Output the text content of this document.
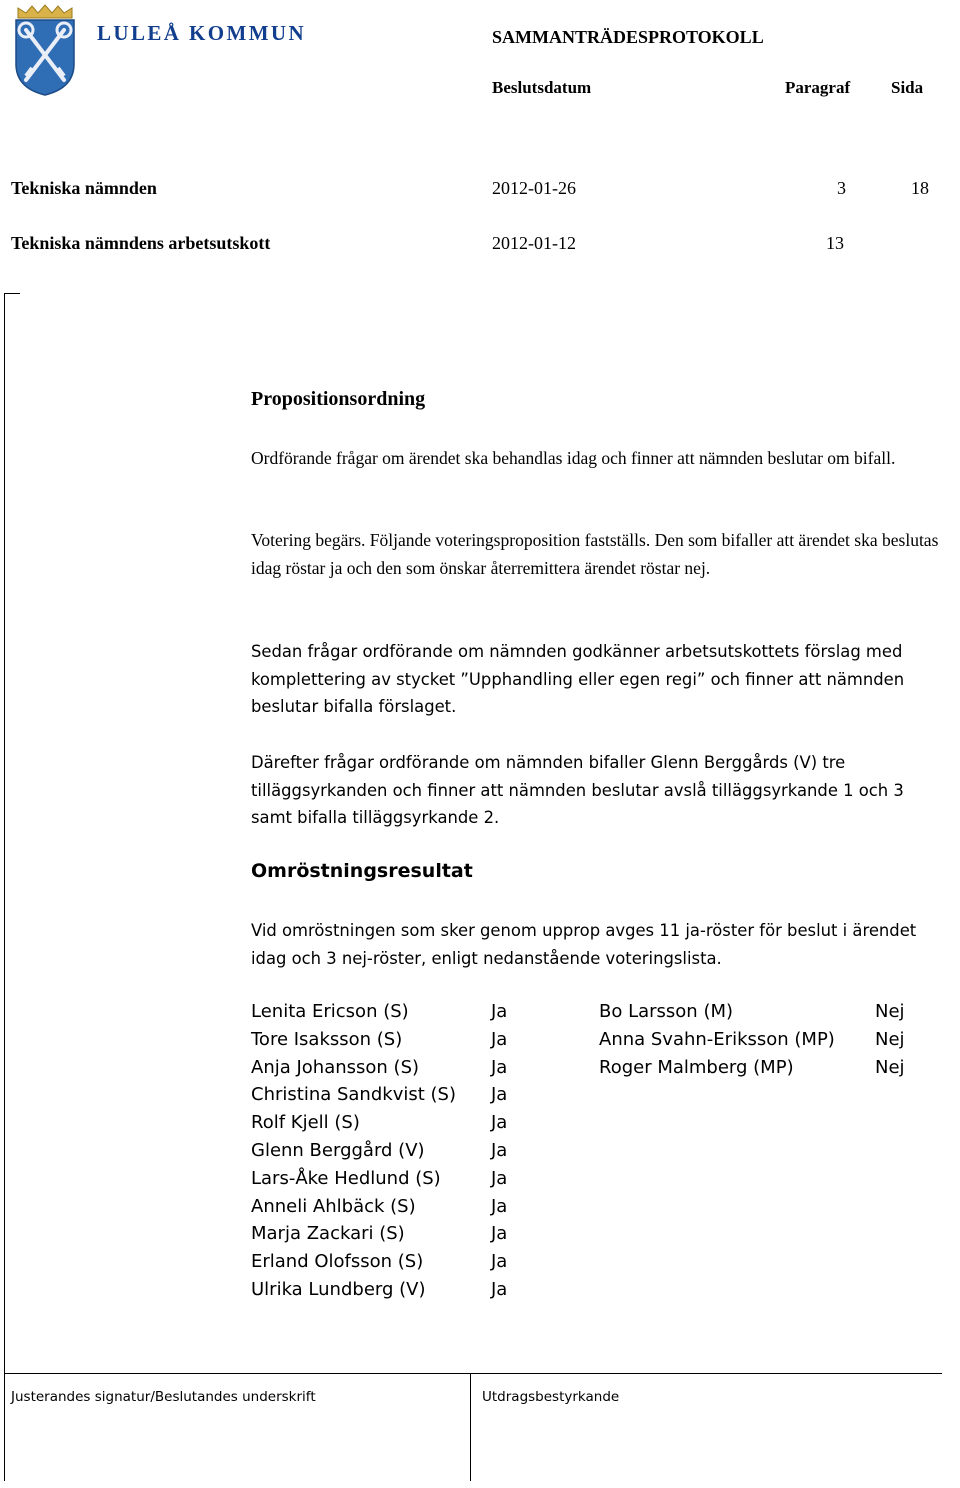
LULEÅ KOMMUN	SAMMANTRÄDESPROTOKOLL
Beslutsdatum	Paragraf Sida
Tekniska nämnden	2012-01-26	3	18
Tekniska nämndens arbetsutskott	2012-01-12	13
Propositionsordning
Ordförande frågar om ärendet ska behandlas idag och finner att nämnden beslutar om bifall.
Votering begärs. Följande voteringsproposition fastställs. Den som bifaller att ärendet ska beslutas idag röstar ja och den som önskar återremittera ärendet röstar nej.
Sedan frågar ordförande om nämnden godkänner arbetsutskottets förslag med komplettering av stycket ”Upphandling eller egen regi” och finner att nämnden beslutar bifalla förslaget.
Därefter frågar ordförande om nämnden bifaller Glenn Berggårds (V) tre tilläggsyrkanden och finner att nämnden beslutar avslå tilläggsyrkande 1 och 3 samt bifalla tilläggsyrkande 2.
Omröstningsresultat
Vid omröstningen som sker genom upprop avges 11 ja-röster för beslut i ärendet idag och 3 nej-röster, enligt nedanstående voteringslista.
Lenita Ericson (S)	Ja
Tore Isaksson (S)	Ja
Anja Johansson (S)	Ja
Christina Sandkvist (S) Ja
Rolf Kjell (S)	Ja
Glenn Berggård (V)	Ja
Lars-Åke Hedlund (S)	Ja
Anneli Ahlbäck (S)	Ja
Marja Zackari (S)	Ja
Erland Olofsson (S)	Ja
Ulrika Lundberg (V)	Ja
Bo Larsson (M)	Nej
Anna Svahn-Eriksson (MP) Nej
Roger Malmberg (MP)	Nej
Justerandes signatur/Beslutandes underskrift	Utdragsbestyrkande
